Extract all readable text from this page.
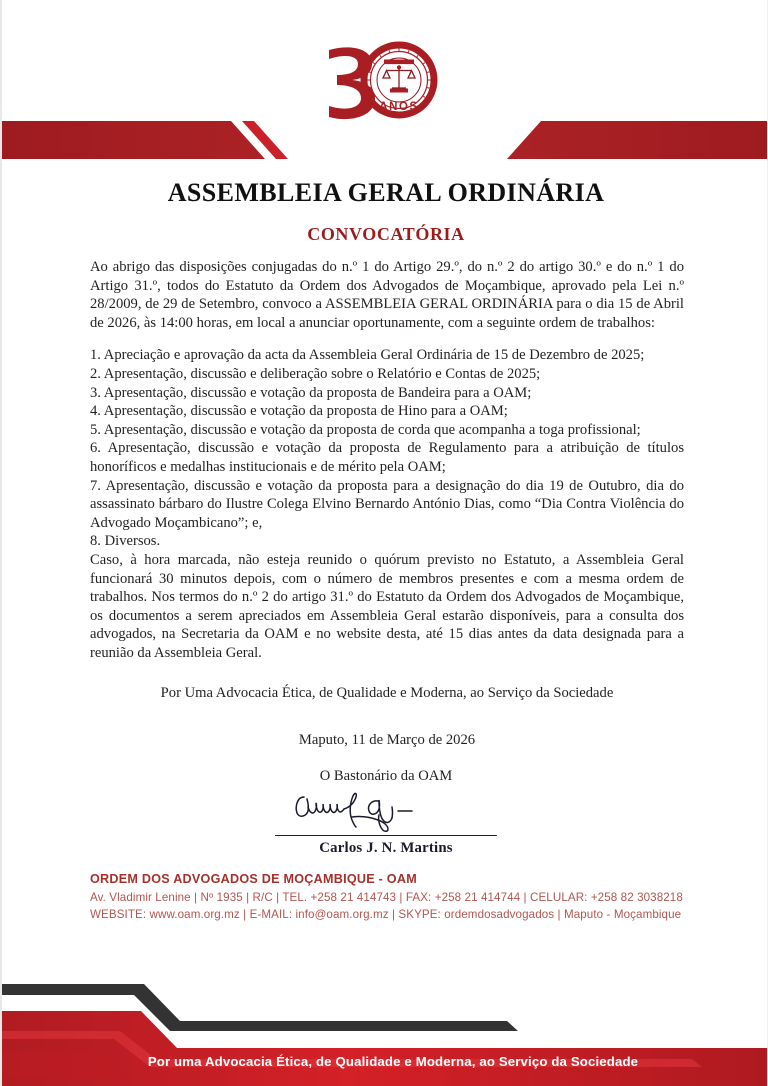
ANOS
ASSEMBLEIA GERAL ORDINÁRIA
CONVOCATÓRIA

Ao abrigo das disposições conjugadas do n.º 1 do Artigo 29.º, do n.º 2 do artigo 30.º e do n.º 1 do Artigo 31.º, todos do Estatuto da Ordem dos Advogados de Moçambique, aprovado pela Lei n.º 28/2009, de 29 de Setembro, convoco a ASSEMBLEIA GERAL ORDINÁRIA para o dia 15 de Abril de 2026, às 14:00 horas, em local a anunciar oportunamente, com a seguinte ordem de trabalhos:

1. Apreciação e aprovação da acta da Assembleia Geral Ordinária de 15 de Dezembro de 2025;

2. Apresentação, discussão e deliberação sobre o Relatório e Contas de 2025;

3. Apresentação, discussão e votação da proposta de Bandeira para a OAM;

4. Apresentação, discussão e votação da proposta de Hino para a OAM;

5. Apresentação, discussão e votação da proposta de corda que acompanha a toga profissional;

6. Apresentação, discussão e votação da proposta de Regulamento para a atribuição de títulos honoríficos e medalhas institucionais e de mérito pela OAM;

7. Apresentação, discussão e votação da proposta para a designação do dia 19 de Outubro, dia do assassinato bárbaro do Ilustre Colega Elvino Bernardo António Dias, como “Dia Contra Violência do Advogado Moçambicano”; e,

8. Diversos.

Caso, à hora marcada, não esteja reunido o quórum previsto no Estatuto, a Assembleia Geral funcionará 30 minutos depois, com o número de membros presentes e com a mesma ordem de trabalhos. Nos termos do n.º 2 do artigo 31.º do Estatuto da Ordem dos Advogados de Moçambique, os documentos a serem apreciados em Assembleia Geral estarão disponíveis, para a consulta dos advogados, na Secretaria da OAM e no website desta, até 15 dias antes da data designada para a reunião da Assembleia Geral.

Por Uma Advocacia Ética, de Qualidade e Moderna, ao Serviço da Sociedade

Maputo, 11 de Março de 2026

O Bastonário da OAM
Carlos J. N. Martins
ORDEM DOS ADVOGADOS DE MOÇAMBIQUE - OAM
Av. Vladimir Lenine | Nº 1935 | R/C | TEL. +258 21 414743 | FAX: +258 21 414744 | CELULAR: +258 82 3038218
WEBSITE: www.oam.org.mz | E-MAIL: info@oam.org.mz | SKYPE: ordemdosadvogados | Maputo - Moçambique
Por uma Advocacia Ética, de Qualidade e Moderna, ao Serviço da Sociedade
